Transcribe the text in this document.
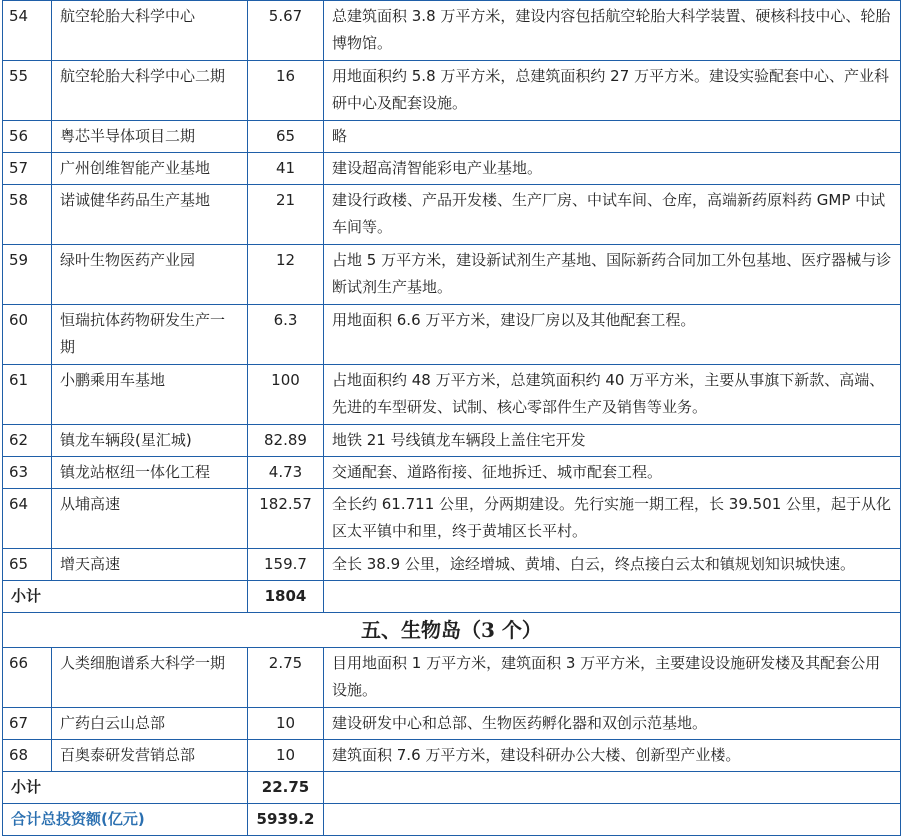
54	航空轮胎大科学中心	5.67	总建筑面积 3.8 万平方米，建设内容包括航空轮胎大科学装置、硬核科技中心、轮胎博物馆。
55	航空轮胎大科学中心二期	16	用地面积约 5.8 万平方米，总建筑面积约 27 万平方米。建设实验配套中心、产业科研中心及配套设施。
56	粤芯半导体项目二期	65	略
57	广州创维智能产业基地	41	建设超高清智能彩电产业基地。
58	诺诚健华药品生产基地	21	建设行政楼、产品开发楼、生产厂房、中试车间、仓库，高端新药原料药 GMP 中试车间等。
59	绿叶生物医药产业园	12	占地 5 万平方米，建设新试剂生产基地、国际新药合同加工外包基地、医疗器械与诊断试剂生产基地。
60	恒瑞抗体药物研发生产一期	6.3	用地面积 6.6 万平方米，建设厂房以及其他配套工程。
61	小鹏乘用车基地	100	占地面积约 48 万平方米，总建筑面积约 40 万平方米，主要从事旗下新款、高端、先进的车型研发、试制、核心零部件生产及销售等业务。
62	镇龙车辆段(星汇城)	82.89	地铁 21 号线镇龙车辆段上盖住宅开发
63	镇龙站枢纽一体化工程	4.73	交通配套、道路衔接、征地拆迁、城市配套工程。
64	从埔高速	182.57	全长约 61.711 公里，分两期建设。先行实施一期工程，长 39.501 公里，起于从化区太平镇中和里，终于黄埔区长平村。
65	增天高速	159.7	全长 38.9 公里，途经增城、黄埔、白云，终点接白云太和镇规划知识城快速。
小计		1804	
五、生物岛（3 个）			
66	人类细胞谱系大科学一期	2.75	目用地面积 1 万平方米，建筑面积 3 万平方米，主要建设设施研发楼及其配套公用设施。
67	广药白云山总部	10	建设研发中心和总部、生物医药孵化器和双创示范基地。
68	百奥泰研发营销总部	10	建筑面积 7.6 万平方米，建设科研办公大楼、创新型产业楼。
小计		22.75	
合计总投资额(亿元)		5939.2	
